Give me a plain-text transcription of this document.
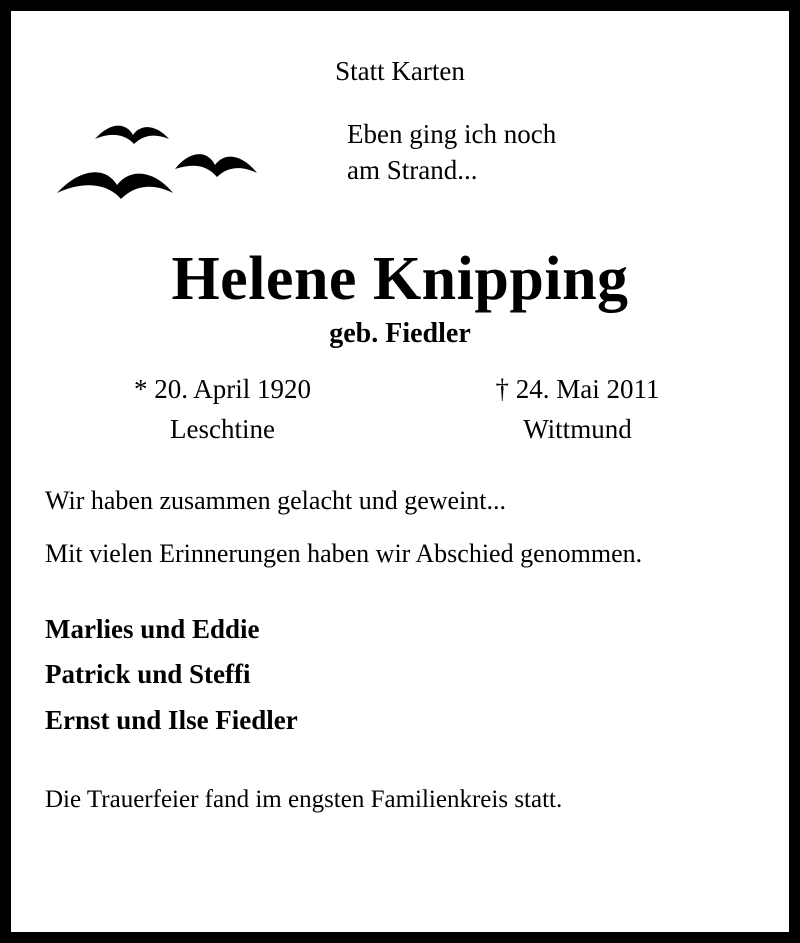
Statt Karten
Eben ging ich noch
am Strand...
Helene Knipping
geb. Fiedler
* 20. April 1920
Leschtine
† 24. Mai 2011
Wittmund

Wir haben zusammen gelacht und geweint...

Mit vielen Erinnerungen haben wir Abschied genommen.

Marlies und Eddie
Patrick und Steffi
Ernst und Ilse Fiedler
Die Trauerfeier fand im engsten Familienkreis statt.
